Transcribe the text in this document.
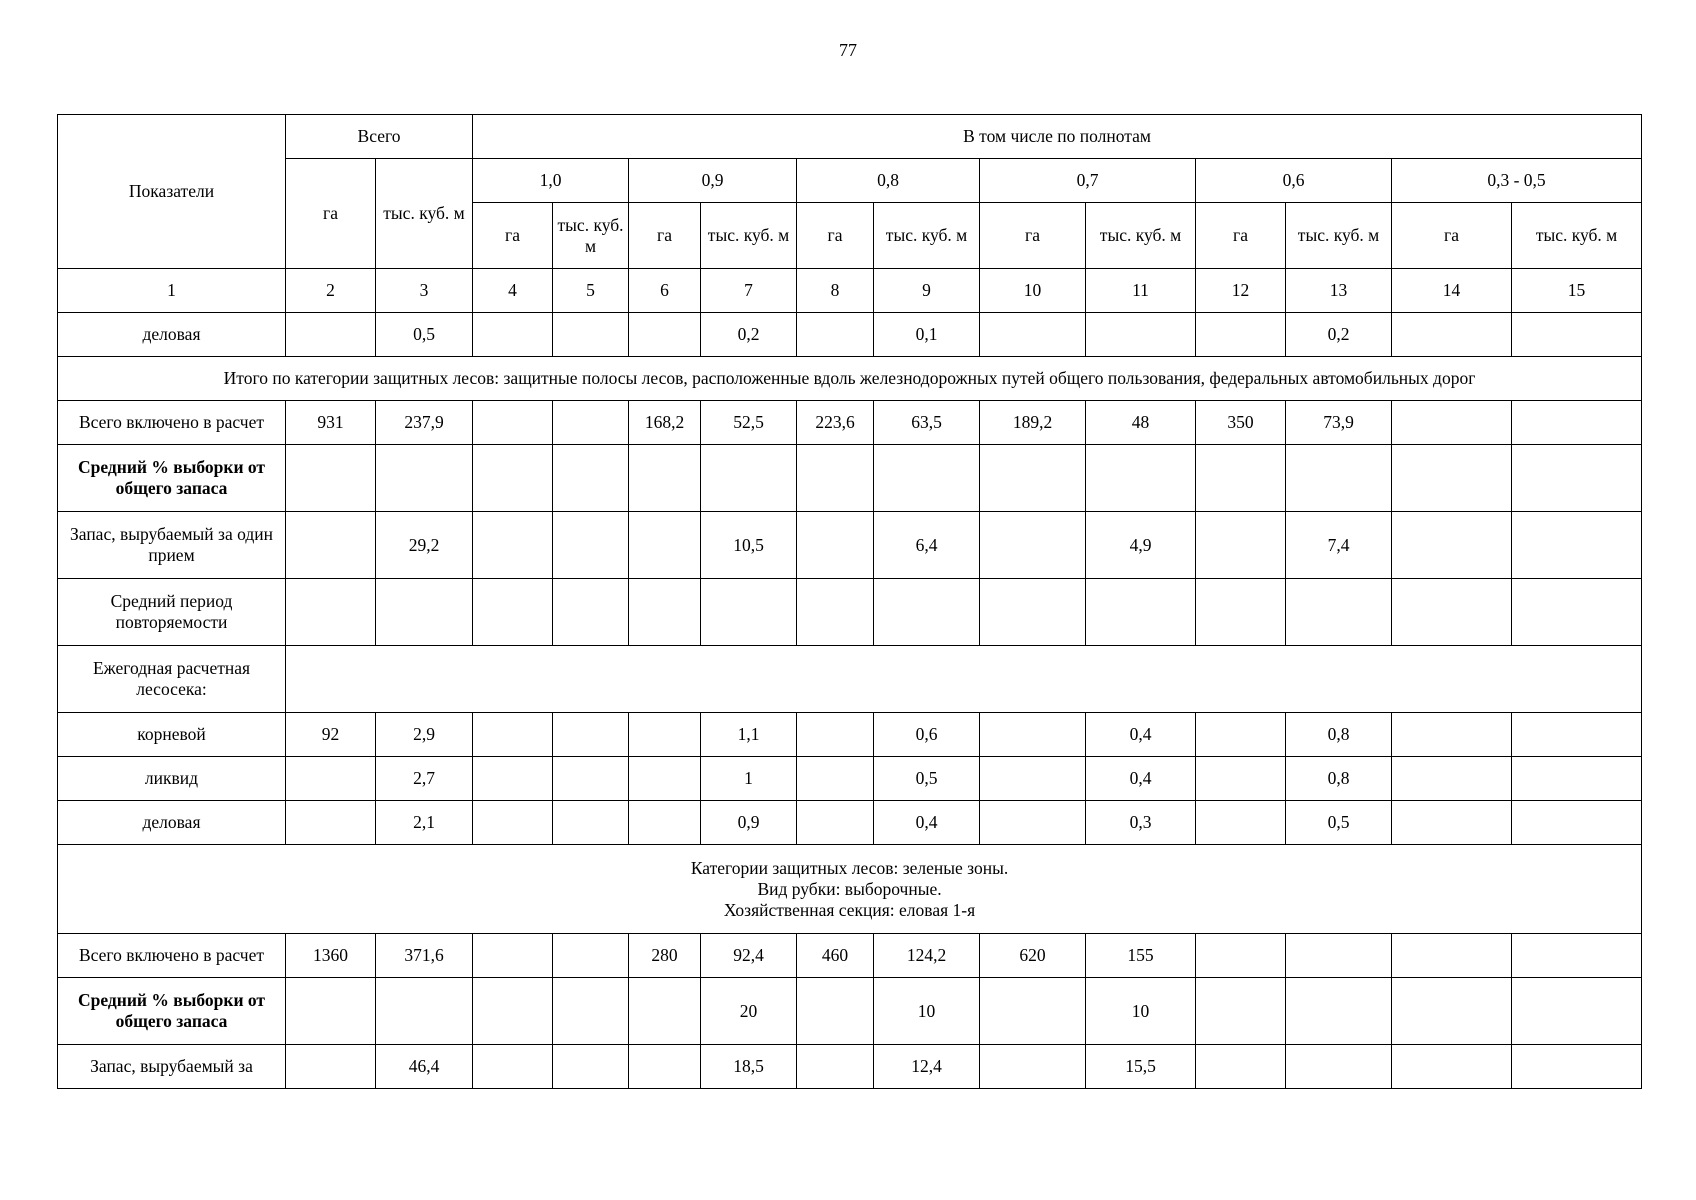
77
Показатели	Всего		В том числе по полнотам											
	га	тыс. куб. м	1,0		0,9		0,8		0,7		0,6		0,3 - 0,5	
			га	тыс. куб. м	га	тыс. куб. м	га	тыс. куб. м	га	тыс. куб. м	га	тыс. куб. м	га	тыс. куб. м
1	2	3	4	5	6	7	8	9	10	11	12	13	14	15
деловая		0,5				0,2		0,1				0,2		
Итого по категории защитных лесов: защитные полосы лесов, расположенные вдоль железнодорожных путей общего пользования, федеральных автомобильных дорог														
Всего включено в расчет	931	237,9			168,2	52,5	223,6	63,5	189,2	48	350	73,9		
Средний % выборки от общего запаса														
Запас, вырубаемый за один прием		29,2				10,5		6,4		4,9		7,4		
Средний период повторяемости														
Ежегодная расчетная лесосека:														
корневой	92	2,9				1,1		0,6		0,4		0,8		
ликвид		2,7				1		0,5		0,4		0,8		
деловая		2,1				0,9		0,4		0,3		0,5		

Категории защитных лесов: зеленые зоны.
Вид рубки: выборочные.
Хозяйственная секция: еловая 1-я														

Всего включено в расчет	1360	371,6			280	92,4	460	124,2	620	155				
Средний % выборки от общего запаса						20		10		10				
Запас, вырубаемый за		46,4				18,5		12,4		15,5				
